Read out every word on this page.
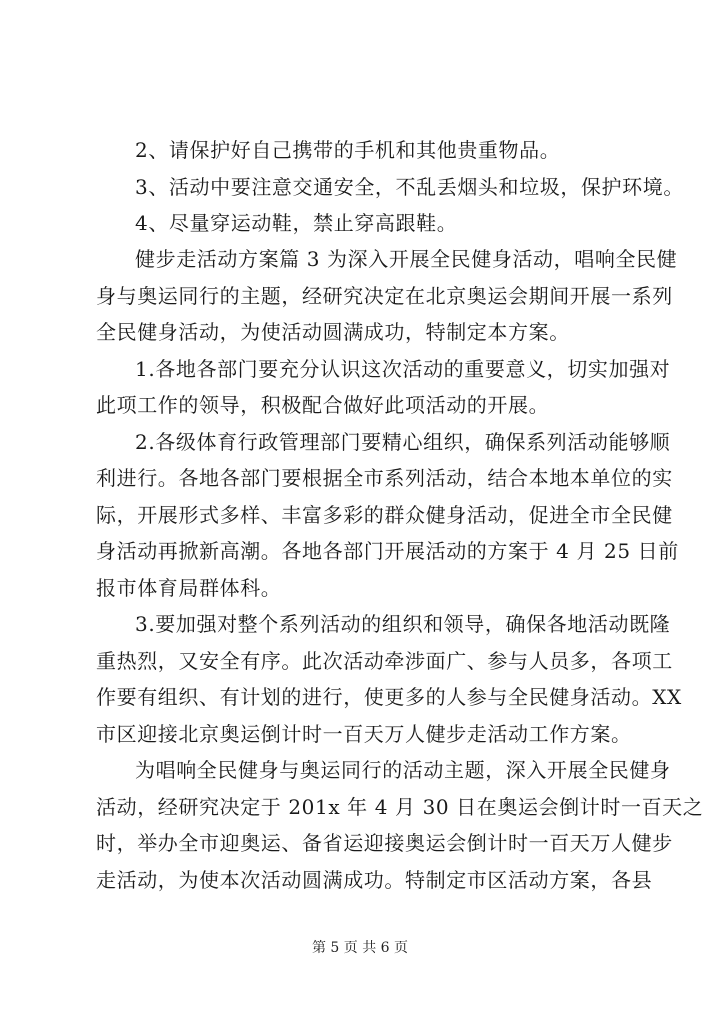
2、请保护好自己携带的手机和其他贵重物品。
3、活动中要注意交通安全，不乱丢烟头和垃圾，保护环境。
4、尽量穿运动鞋，禁止穿高跟鞋。
健步走活动方案篇 3 为深入开展全民健身活动，唱响全民健
身与奥运同行的主题，经研究决定在北京奥运会期间开展一系列
全民健身活动，为使活动圆满成功，特制定本方案。
1.各地各部门要充分认识这次活动的重要意义，切实加强对
此项工作的领导，积极配合做好此项活动的开展。
2.各级体育行政管理部门要精心组织，确保系列活动能够顺
利进行。各地各部门要根据全市系列活动，结合本地本单位的实
际，开展形式多样、丰富多彩的群众健身活动，促进全市全民健
身活动再掀新高潮。各地各部门开展活动的方案于 4 月 25 日前
报市体育局群体科。
3.要加强对整个系列活动的组织和领导，确保各地活动既隆
重热烈，又安全有序。此次活动牵涉面广、参与人员多，各项工
作要有组织、有计划的进行，使更多的人参与全民健身活动。XX
市区迎接北京奥运倒计时一百天万人健步走活动工作方案。
为唱响全民健身与奥运同行的活动主题，深入开展全民健身
活动，经研究决定于 201x 年 4 月 30 日在奥运会倒计时一百天之
时，举办全市迎奥运、备省运迎接奥运会倒计时一百天万人健步
走活动，为使本次活动圆满成功。特制定市区活动方案，各县
第 5 页 共 6 页
